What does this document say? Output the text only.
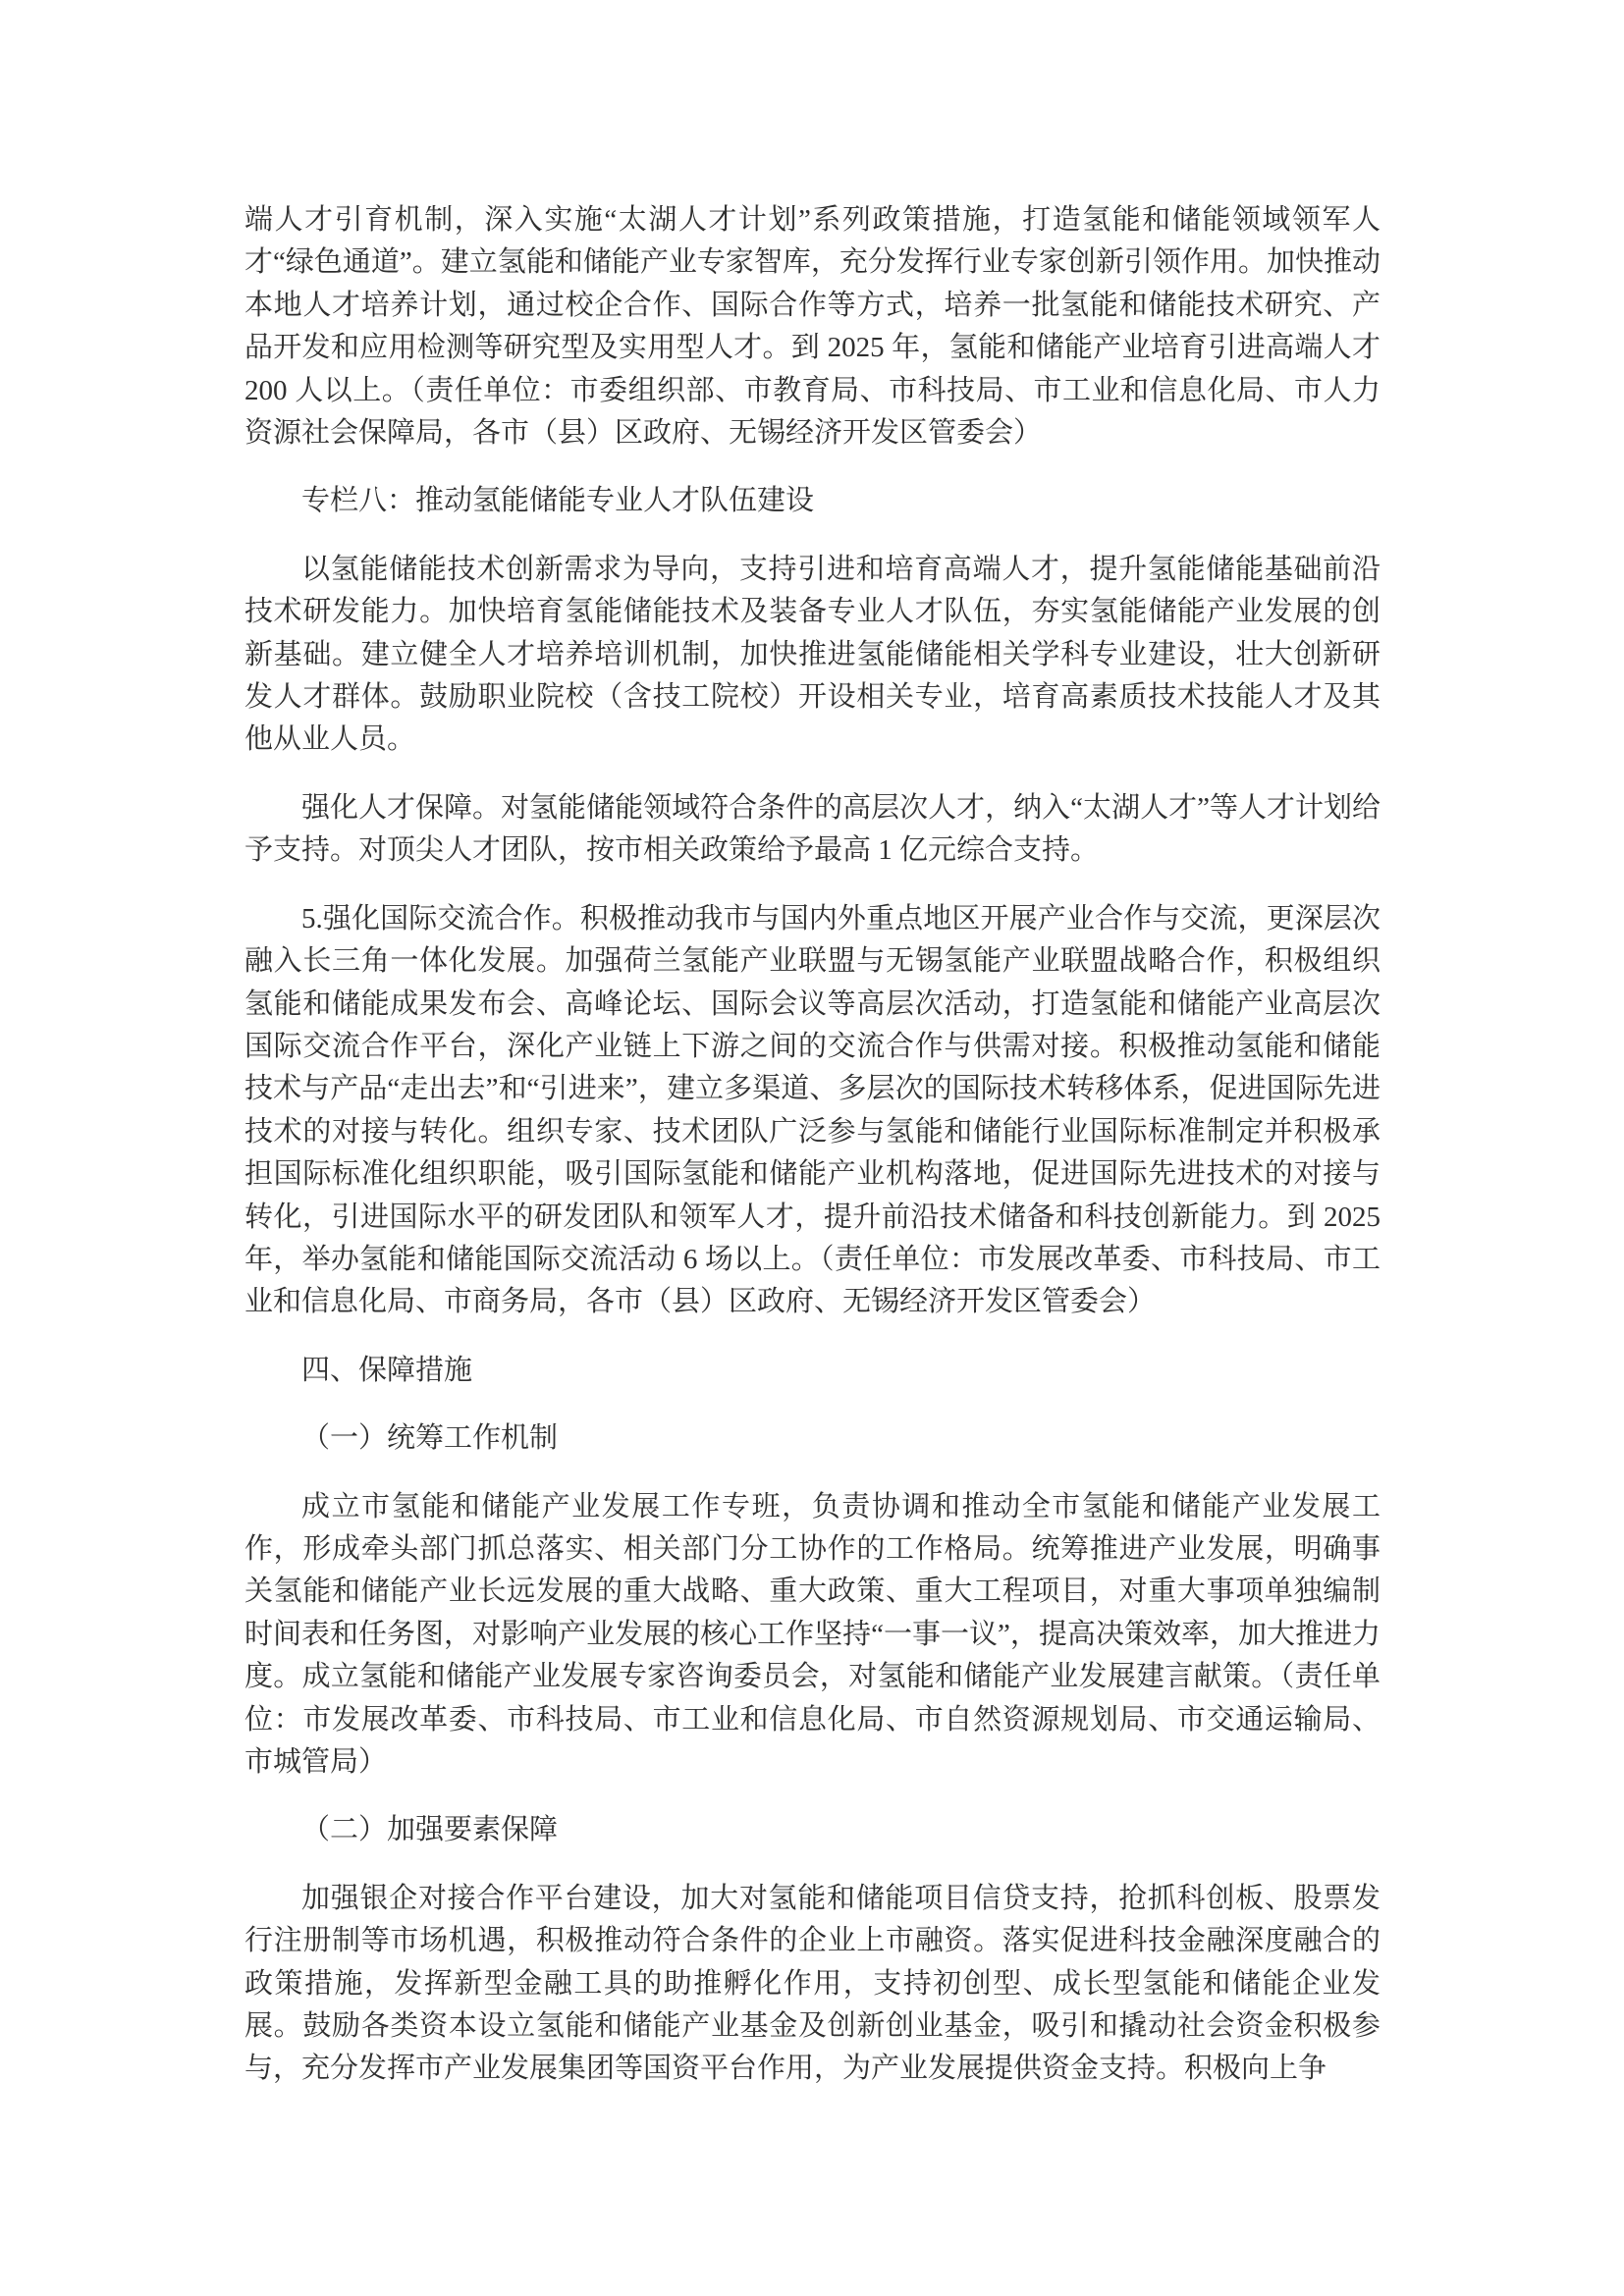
端人才引育机制，深入实施“太湖人才计划”系列政策措施，打造氢能和储能领域领军人才“绿色通道”。建立氢能和储能产业专家智库，充分发挥行业专家创新引领作用。加快推动本地人才培养计划，通过校企合作、国际合作等方式，培养一批氢能和储能技术研究、产品开发和应用检测等研究型及实用型人才。到 2025 年，氢能和储能产业培育引进高端人才 200 人以上。（责任单位：市委组织部、市教育局、市科技局、市工业和信息化局、市人力资源社会保障局，各市（县）区政府、无锡经济开发区管委会）

专栏八：推动氢能储能专业人才队伍建设

以氢能储能技术创新需求为导向，支持引进和培育高端人才，提升氢能储能基础前沿技术研发能力。加快培育氢能储能技术及装备专业人才队伍，夯实氢能储能产业发展的创新基础。建立健全人才培养培训机制，加快推进氢能储能相关学科专业建设，壮大创新研发人才群体。鼓励职业院校（含技工院校）开设相关专业，培育高素质技术技能人才及其他从业人员。

强化人才保障。对氢能储能领域符合条件的高层次人才，纳入“太湖人才”等人才计划给予支持。对顶尖人才团队，按市相关政策给予最高 1 亿元综合支持。

5.强化国际交流合作。积极推动我市与国内外重点地区开展产业合作与交流，更深层次融入长三角一体化发展。加强荷兰氢能产业联盟与无锡氢能产业联盟战略合作，积极组织氢能和储能成果发布会、高峰论坛、国际会议等高层次活动，打造氢能和储能产业高层次国际交流合作平台，深化产业链上下游之间的交流合作与供需对接。积极推动氢能和储能技术与产品“走出去”和“引进来”，建立多渠道、多层次的国际技术转移体系，促进国际先进技术的对接与转化。组织专家、技术团队广泛参与氢能和储能行业国际标准制定并积极承担国际标准化组织职能，吸引国际氢能和储能产业机构落地，促进国际先进技术的对接与转化，引进国际水平的研发团队和领军人才，提升前沿技术储备和科技创新能力。到 2025 年，举办氢能和储能国际交流活动 6 场以上。（责任单位：市发展改革委、市科技局、市工业和信息化局、市商务局，各市（县）区政府、无锡经济开发区管委会）

四、保障措施

（一）统筹工作机制

成立市氢能和储能产业发展工作专班，负责协调和推动全市氢能和储能产业发展工作，形成牵头部门抓总落实、相关部门分工协作的工作格局。统筹推进产业发展，明确事关氢能和储能产业长远发展的重大战略、重大政策、重大工程项目，对重大事项单独编制时间表和任务图，对影响产业发展的核心工作坚持“一事一议”，提高决策效率，加大推进力度。成立氢能和储能产业发展专家咨询委员会，对氢能和储能产业发展建言献策。（责任单位：市发展改革委、市科技局、市工业和信息化局、市自然资源规划局、市交通运输局、市城管局）

（二）加强要素保障

加强银企对接合作平台建设，加大对氢能和储能项目信贷支持，抢抓科创板、股票发行注册制等市场机遇，积极推动符合条件的企业上市融资。落实促进科技金融深度融合的政策措施，发挥新型金融工具的助推孵化作用，支持初创型、成长型氢能和储能企业发展。鼓励各类资本设立氢能和储能产业基金及创新创业基金，吸引和撬动社会资金积极参与，充分发挥市产业发展集团等国资平台作用，为产业发展提供资金支持。积极向上争
